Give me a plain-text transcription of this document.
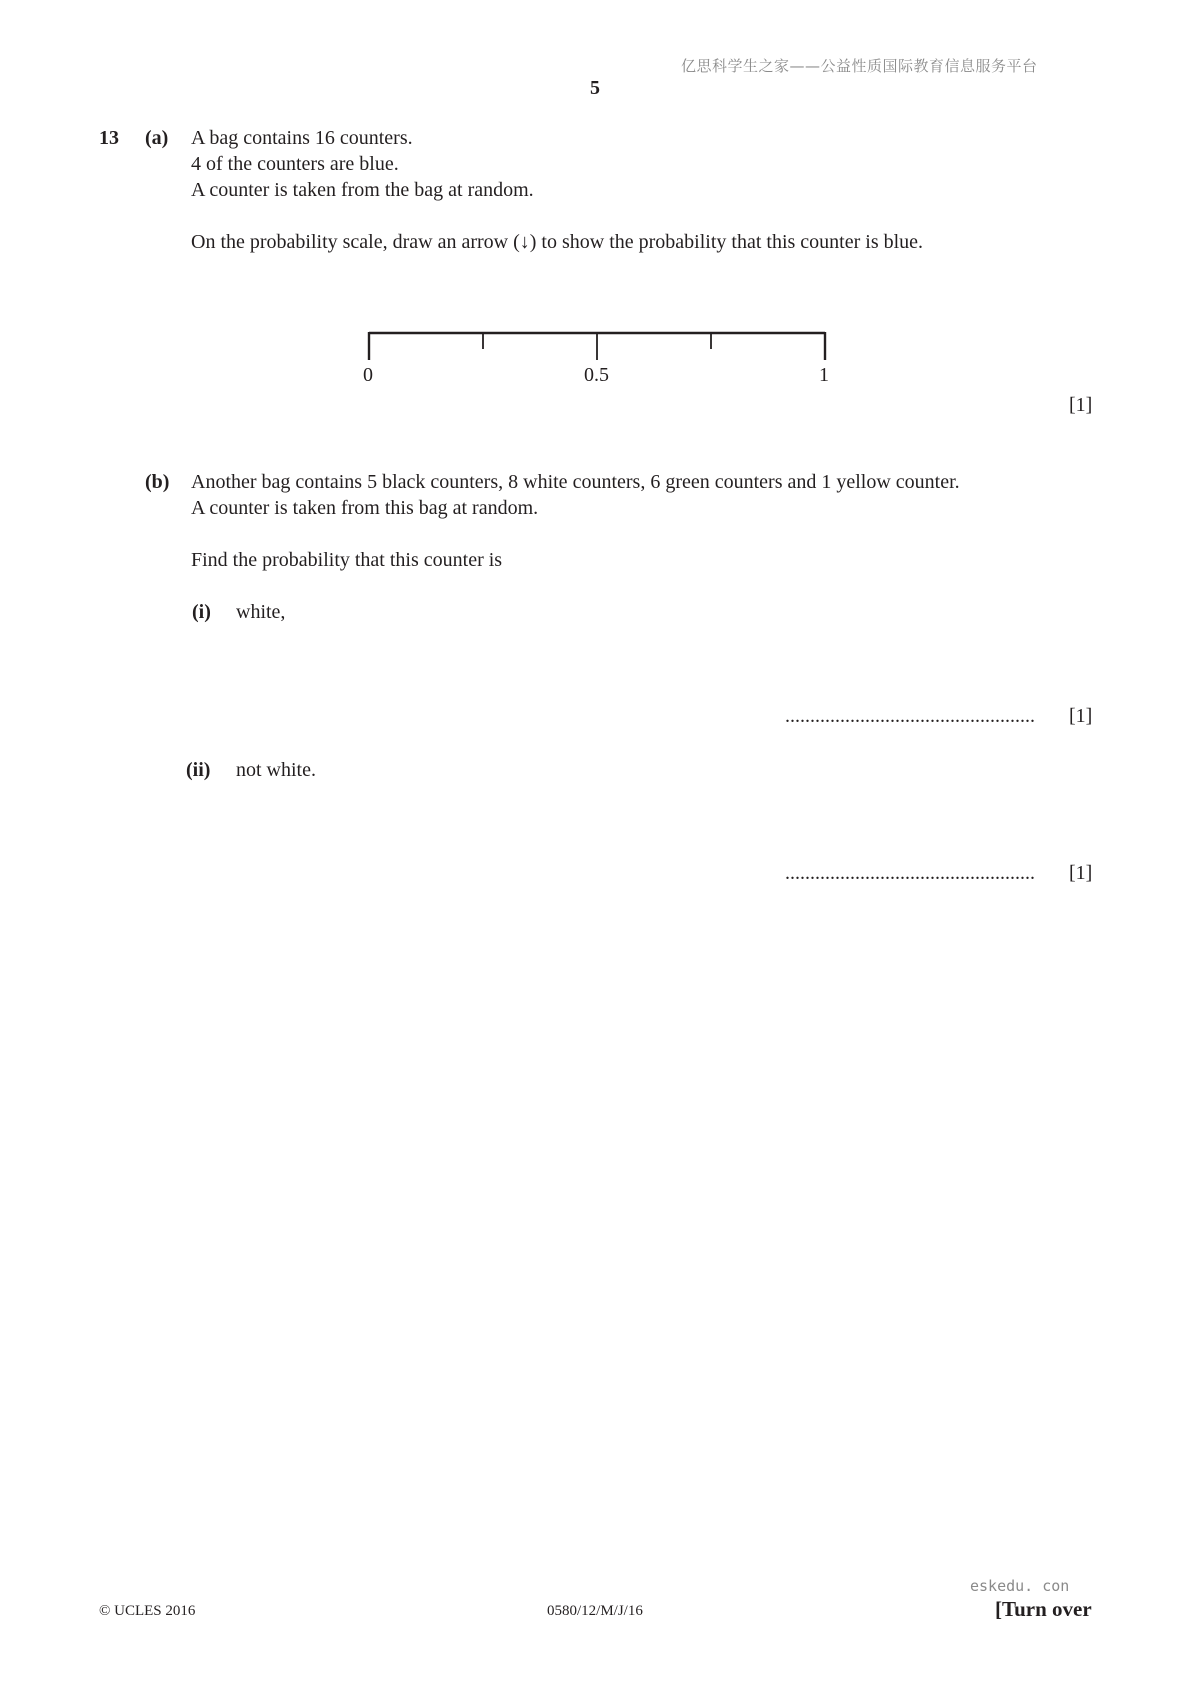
亿思科学生之家——公益性质国际教育信息服务平台
5
13 (a) A bag contains 16 counters.
4 of the counters are blue.
A counter is taken from the bag at random.
On the probability scale, draw an arrow (↓) to show the probability that this counter is blue.
0	0.5	1
[1]
(b) Another bag contains 5 black counters, 8 white counters, 6 green counters and 1 yellow counter.
A counter is taken from this bag at random.
Find the probability that this counter is
(i) white,
.................................................. [1]
(ii) not white.
.................................................. [1]
eskedu. con
© UCLES 2016	0580/12/M/J/16	[Turn over
